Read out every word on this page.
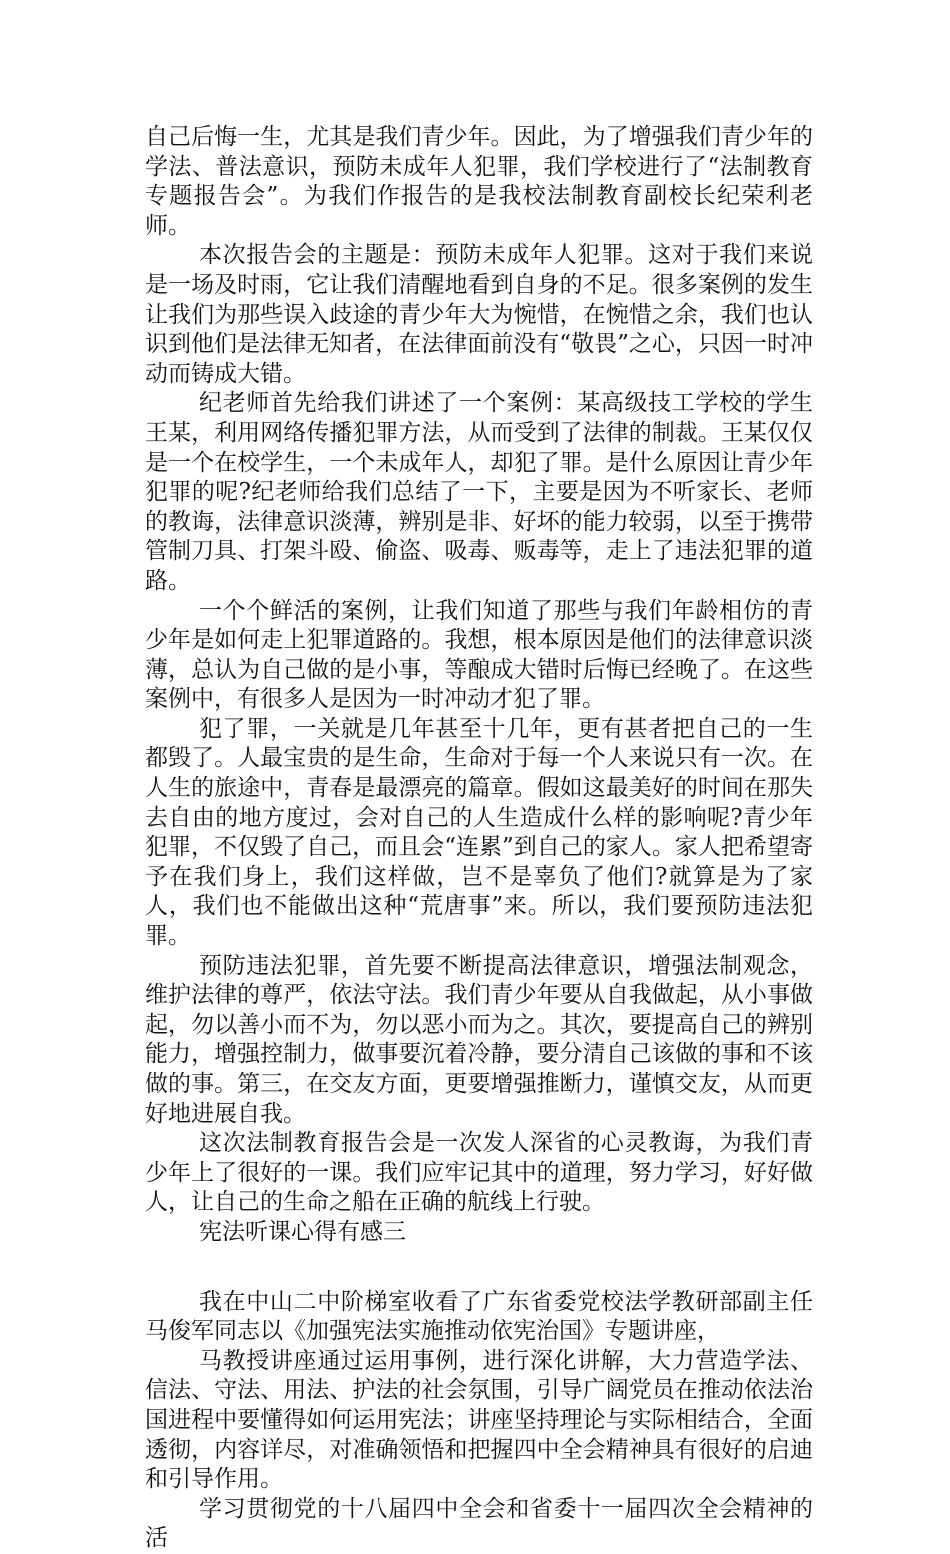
自己后悔一生，尤其是我们青少年。因此，为了增强我们青少年的学法、普法意识，预防未成年人犯罪，我们学校进行了“法制教育专题报告会”。为我们作报告的是我校法制教育副校长纪荣利老师。

本次报告会的主题是：预防未成年人犯罪。这对于我们来说是一场及时雨，它让我们清醒地看到自身的不足。很多案例的发生让我们为那些误入歧途的青少年大为惋惜，在惋惜之余，我们也认识到他们是法律无知者，在法律面前没有“敬畏”之心，只因一时冲动而铸成大错。

纪老师首先给我们讲述了一个案例：某高级技工学校的学生王某，利用网络传播犯罪方法，从而受到了法律的制裁。王某仅仅是一个在校学生，一个未成年人，却犯了罪。是什么原因让青少年犯罪的呢?纪老师给我们总结了一下，主要是因为不听家长、老师的教诲，法律意识淡薄，辨别是非、好坏的能力较弱，以至于携带管制刀具、打架斗殴、偷盗、吸毒、贩毒等，走上了违法犯罪的道路。

一个个鲜活的案例，让我们知道了那些与我们年龄相仿的青少年是如何走上犯罪道路的。我想，根本原因是他们的法律意识淡薄，总认为自己做的是小事，等酿成大错时后悔已经晚了。在这些案例中，有很多人是因为一时冲动才犯了罪。

犯了罪，一关就是几年甚至十几年，更有甚者把自己的一生都毁了。人最宝贵的是生命，生命对于每一个人来说只有一次。在人生的旅途中，青春是最漂亮的篇章。假如这最美好的时间在那失去自由的地方度过，会对自己的人生造成什么样的影响呢?青少年犯罪，不仅毁了自己，而且会“连累”到自己的家人。家人把希望寄予在我们身上，我们这样做，岂不是辜负了他们?就算是为了家人，我们也不能做出这种“荒唐事”来。所以，我们要预防违法犯罪。

预防违法犯罪，首先要不断提高法律意识，增强法制观念，维护法律的尊严，依法守法。我们青少年要从自我做起，从小事做起，勿以善小而不为，勿以恶小而为之。其次，要提高自己的辨别能力，增强控制力，做事要沉着冷静，要分清自己该做的事和不该做的事。第三，在交友方面，更要增强推断力，谨慎交友，从而更好地进展自我。

这次法制教育报告会是一次发人深省的心灵教诲，为我们青少年上了很好的一课。我们应牢记其中的道理，努力学习，好好做人，让自己的生命之船在正确的航线上行驶。

宪法听课心得有感三

我在中山二中阶梯室收看了广东省委党校法学教研部副主任马俊军同志以《加强宪法实施推动依宪治国》专题讲座，

马教授讲座通过运用事例，进行深化讲解，大力营造学法、信法、守法、用法、护法的社会氛围，引导广阔党员在推动依法治国进程中要懂得如何运用宪法；讲座坚持理论与实际相结合，全面透彻，内容详尽，对准确领悟和把握四中全会精神具有很好的启迪和引导作用。

学习贯彻党的十八届四中全会和省委十一届四次全会精神的活
